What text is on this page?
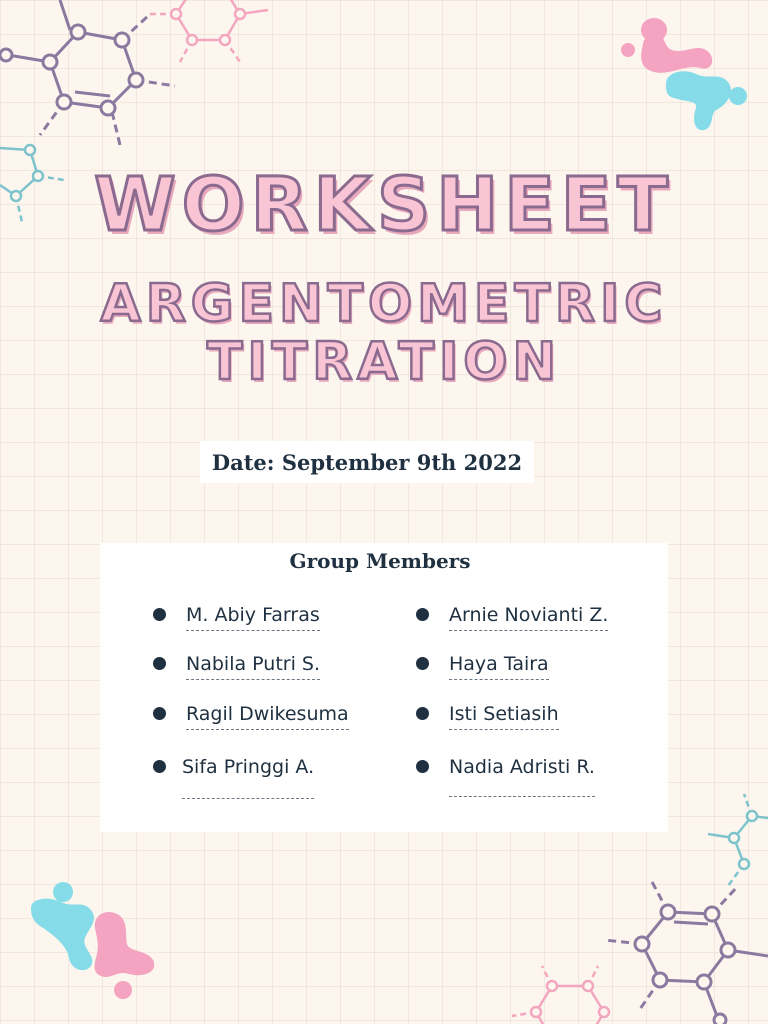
WORKSHEET
ARGENTOMETRIC
TITRATION
Date: September 9th 2022
Group Members
M. Abiy Farras
Nabila Putri S.
Ragil Dwikesuma
Sifa Pringgi A.
Arnie Novianti Z.
Haya Taira
Isti Setiasih
Nadia Adristi R.
